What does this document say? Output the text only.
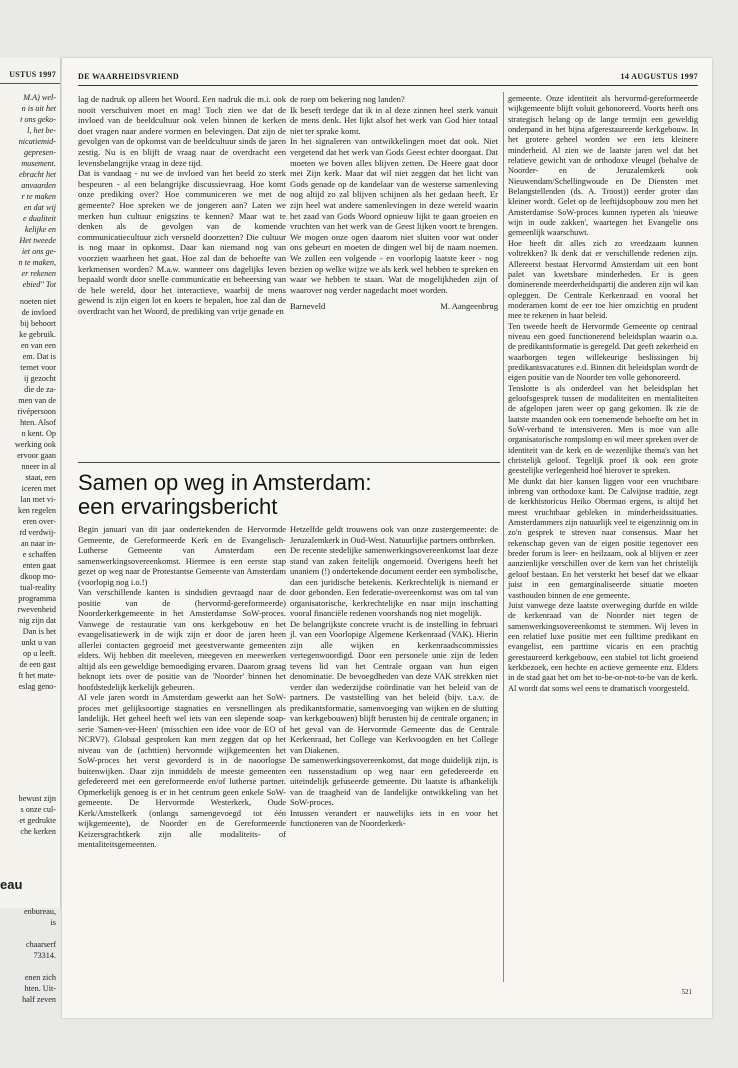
USTUS 1997
M.A) wel-
n is uit het
t ons geko-
l, het be-
nicatiemid-
gepresen-
musement.
ebracht het
anvaarden
r te maken
en dat wij
e dualiteit
kelijke en
Het tweede
iet ons ge-
n te maken,
er rekenen
ebied" Tot
noeten niet
de invloed
bij behoort
ke gebruik.
en van een
em. Dat is
ternet voor
ij gezocht
die de za-
men van de
rivépersoon
hten. Alsof
n kent. Op
werking ook
ervoor gaan
nneer in al
staat, een
iceren met
lan met vi-
ken regelen
eren over-
rd verdwij-
an naar in-
e schaffen
enten gaat
dkoop mo-
tual-reality
programma
rwevenheid
nig zijn dat
Dan is het
unkt u van
op u leeft.
de een gast
ft het mate-
eslag geno-
bewust zijn
s onze cul-
et gedrukte
che kerken
enbureau,
is
chaarserf
73314.
enen zich
hten. Uit-
half zeven
eau
DE WAARHEIDSVRIEND	14 AUGUSTUS 1997

lag de nadruk op alleen het Woord. Een nadruk die m.i. ook nooit verschuiven moet en mag! Toch zien we dat de invloed van de beeldcultuur ook velen binnen de kerken doet vragen naar andere vormen en belevingen. Dat zijn de gevolgen van de opkomst van de beeldcultuur sinds de jaren zestig. Nu is en blijft de vraag naar de overdracht een levensbelangrijke vraag in deze tijd.

Dat is vandaag - nu we de invloed van het beeld zo sterk bespeuren - al een belangrijke discussievraag. Hoe komt onze prediking over? Hoe communiceren we met de gemeente? Hoe spreken we de jongeren aan? Laten we merken hun cultuur enigszins te kennen? Maar wat te denken als de gevolgen van de komende communicatiecultuur zich versneld doorzetten? Die cultuur is nog maar in opkomst. Daar kan niemand nog van voorzien waarheen het gaat. Hoe zal dan de behoefte van kerkmensen worden? M.a.w. wanneer ons dagelijks leven bepaald wordt door snelle communicatie en beheersing van de hele wereld, door het interactieve, waarbij de mens gewend is zijn eigen lot en koers te bepalen, hoe zal dan de overdracht van het Woord, de prediking van vrije genade en

de roep om bekering nog landen?

Ik beseft terdege dat ik in al deze zinnen heel sterk vanuit de mens denk. Het lijkt alsof het werk van God hier totaal niet ter sprake komt.

In het signaleren van ontwikkelingen moet dat ook. Niet vergetend dat het werk van Gods Geest echter doorgaat. Dat moeten we boven alles blijven zetten. De Heere gaat door met Zijn kerk. Maar dat wil niet zeggen dat het licht van Gods genade op de kandelaar van de westerse samenleving nog altijd zo zal blijven schijnen als het gedaan heeft. Er zijn heel wat andere samenlevingen in deze wereld waarin het zaad van Gods Woord opnieuw lijkt te gaan groeien en vruchten van het werk van de Geest lijken voort te brengen. We mogen onze ogen daarom niet sluiten voor wat onder ons gebeurt en moeten de dingen wel bij de naam noemen. We zullen een volgende - en voorlopig laatste keer - nog bezien op welke wijze we als kerk wel hebben te spreken en waar we hebben te staan. Wat de mogelijkheden zijn of waarover nog verder nagedacht moet worden.

Barneveld	M. Aangeenbrug
Samen op weg in Amsterdam:
een ervaringsbericht

Begin januari van dit jaar ondertekenden de Hervormde Gemeente, de Gereformeerde Kerk en de Evangelisch-Lutherse Gemeente van Amsterdam een samenwerkingsovereenkomst. Hiermee is een eerste stap gezet op weg naar de Protestantse Gemeente van Amsterdam (voorlopig nog i.o.!)

Van verschillende kanten is sindsdien gevraagd naar de positie van de (hervormd-gereformeerde) Noorderkerkgemeente in het Amsterdamse SoW-proces. Vanwege de restauratie van ons kerkgebouw en het evangelisatiewerk in de wijk zijn er door de jaren heen allerlei contacten gegroeid met geestverwante gemeenten elders. Wij hebben dit meeleven, meegeven en meewerken altijd als een geweldige bemoediging ervaren. Daarom graag beknopt iets over de positie van de 'Noorder' binnen het hoofdstedelijk kerkelijk gebeuren.

Al vele jaren wordt in Amsterdam gewerkt aan het SoW-proces met gelijksoortige stagnaties en versnellingen als landelijk. Het geheel heeft wel iets van een slepende soap-serie 'Samen-ver-Heen' (misschien een idee voor de EO of NCRV?). Globaal gesproken kan men zeggen dat op het niveau van de (achttien) hervormde wijkgemeenten het SoW-proces het verst gevorderd is in de naoorlogse buitenwijken. Daar zijn inmiddels de meeste gemeenten gefedereerd met een gereformeerde en/of lutherse partner. Opmerkelijk genoeg is er in het centrum geen enkele SoW-gemeente. De Hervormde Westerkerk, Oude Kerk/Amstelkerk (onlangs samengevoegd tot één wijkgemeente), de Noorder en de Gereformeerde Keizersgrachtkerk zijn alle modaliteits- of mentaliteitsgemeenten.

Hetzelfde geldt trouwens ook van onze zustergemeente: de Jeruzalemkerk in Oud-West. Natuurlijke partners ontbreken.

De recente stedelijke samenwerkingsovereenkomst laat deze stand van zaken feitelijk ongemoeid. Overigens heeft het unaniem (!) ondertekende document eerder een symbolische, dan een juridische betekenis. Kerkrechtelijk is niemand er door gebonden. Een federatie-overeenkomst was om tal van organisatorische, kerkrechtelijke en naar mijn inschatting vooral financiële redenen voorshands nog niet mogelijk.

De belangrijkste concrete vrucht is de instelling in februari jl. van een Voorlopige Algemene Kerkenraad (VAK). Hierin zijn alle wijken en kerkenraadscommissies vertegenwoordigd. Door een personele unie zijn de leden tevens lid van het Centrale orgaan van hun eigen denominatie. De bevoegdheden van deze VAK strekken niet verder dan wederzijdse coördinatie van het beleid van de partners. De vaststelling van het beleid (bijv. t.a.v. de predikantsformatie, samenvoeging van wijken en de sluiting van kerkgebouwen) blijft berusten bij de centrale organen; in het geval van de Hervormde Gemeente dus de Centrale Kerkenraad, het College van Kerkvoogden en het College van Diakenen.

De samenwerkingsovereenkomst, dat moge duidelijk zijn, is een tussenstadium op weg naar een gefedereerde en uiteindelijk gefuseerde gemeente. Dit laatste is afhankelijk van de traagheid van de landelijke ontwikkeling van het SoW-proces.

Intussen verandert er nauwelijks iets in en voor het functioneren van de Noorderkerk-

gemeente. Onze identiteit als hervormd-gereformeerde wijkgemeente blijft voluit gehonoreerd. Voorts heeft ons strategisch belang op de lange termijn een geweldig onderpand in het bijna afgerestaureerde kerkgebouw. In het grotere geheel worden we een iets kleinere minderheid. Al zien we de laatste jaren wel dat het relatieve gewicht van de orthodoxe vleugel (behalve de Noorder- en de Jeruzalemkerk ook Nieuwendam/Schellingwoude en De Diensten met Belangstellenden (ds. A. Troost)) eerder groter dan kleiner wordt. Gelet op de leeftijdsopbouw zou men het Amsterdamse SoW-proces kunnen typeren als 'nieuwe wijn in oude zakken', waartegen het Evangelie ons gemeenlijk waarschuwt.

Hoe heeft dit alles zich zo vreedzaam kunnen voltrekken? Ik denk dat er verschillende redenen zijn. Allereerst bestaat Hervormd Amsterdam uit een bont palet van kwetsbare minderheden. Er is geen dominerende meerderheidspartij die anderen zijn wil kan opleggen. De Centrale Kerkenraad en vooral het moderamen komt de eer toe hier omzichtig en prudent mee te rekenen in haar beleid.

Ten tweede heeft de Hervormde Gemeente op centraal niveau een goed functionerend beleidsplan waarin o.a. de predikantsformatie is geregeld. Dat geeft zekerheid en waarborgen tegen willekeurige beslissingen bij predikantsvacatures e.d. Binnen dit beleidsplan wordt de eigen positie van de Noorder ten volle gehonoreerd.

Tenslotte is als onderdeel van het beleidsplan het geloofsgesprek tussen de modaliteiten en mentaliteiten de afgelopen jaren weer op gang gekomen. Ik zie de laatste maanden ook een toenemende behoefte om het in SoW-verband te intensiveren. Men is moe van alle organisatorische rompslomp en wil meer spreken over de identiteit van de kerk en de wezenlijke thema's van het christelijk geloof. Tegelijk proef ik ook een grote geestelijke verlegenheid hoé hierover te spreken.

Me dunkt dat hier kansen liggen voor een vruchtbare inbreng van orthodoxe kant. De Calvijnse traditie, zegt de kerkhistoricus Heiko Oberman ergens, is altijd het meest vruchtbaar gebleken in minderheidssituaties. Amsterdammers zijn natuurlijk veel te eigenzinnig om in zo'n gesprek te streven naar consensus. Maar het rekenschap geven van de eigen positie tegenover een breder forum is leer- en heilzaam, ook al blijven er zeer aanzienlijke verschillen over de kern van het christelijk geloof bestaan. En het versterkt het besef dat we elkaar juist in een gemarginaliseerde situatie moeten vasthouden binnen de ene gemeente.

Juist vanwege deze laatste overweging durfde en wilde de kerkenraad van de Noorder niet tegen de samenwerkingsovereenkomst te stemmen. Wij leven in een relatief luxe positie met een fulltime predikant en evangelist, een parttime vicaris en een prachtig gerestaureerd kerkgebouw, een stabiel tot licht groeiend kerkbezoek, een hechte en actieve gemeente enz. Elders in de stad gaat het om het to-be-or-not-to-be van de kerk. Al wordt dat soms wel eens te dramatisch voorgesteld.

521
